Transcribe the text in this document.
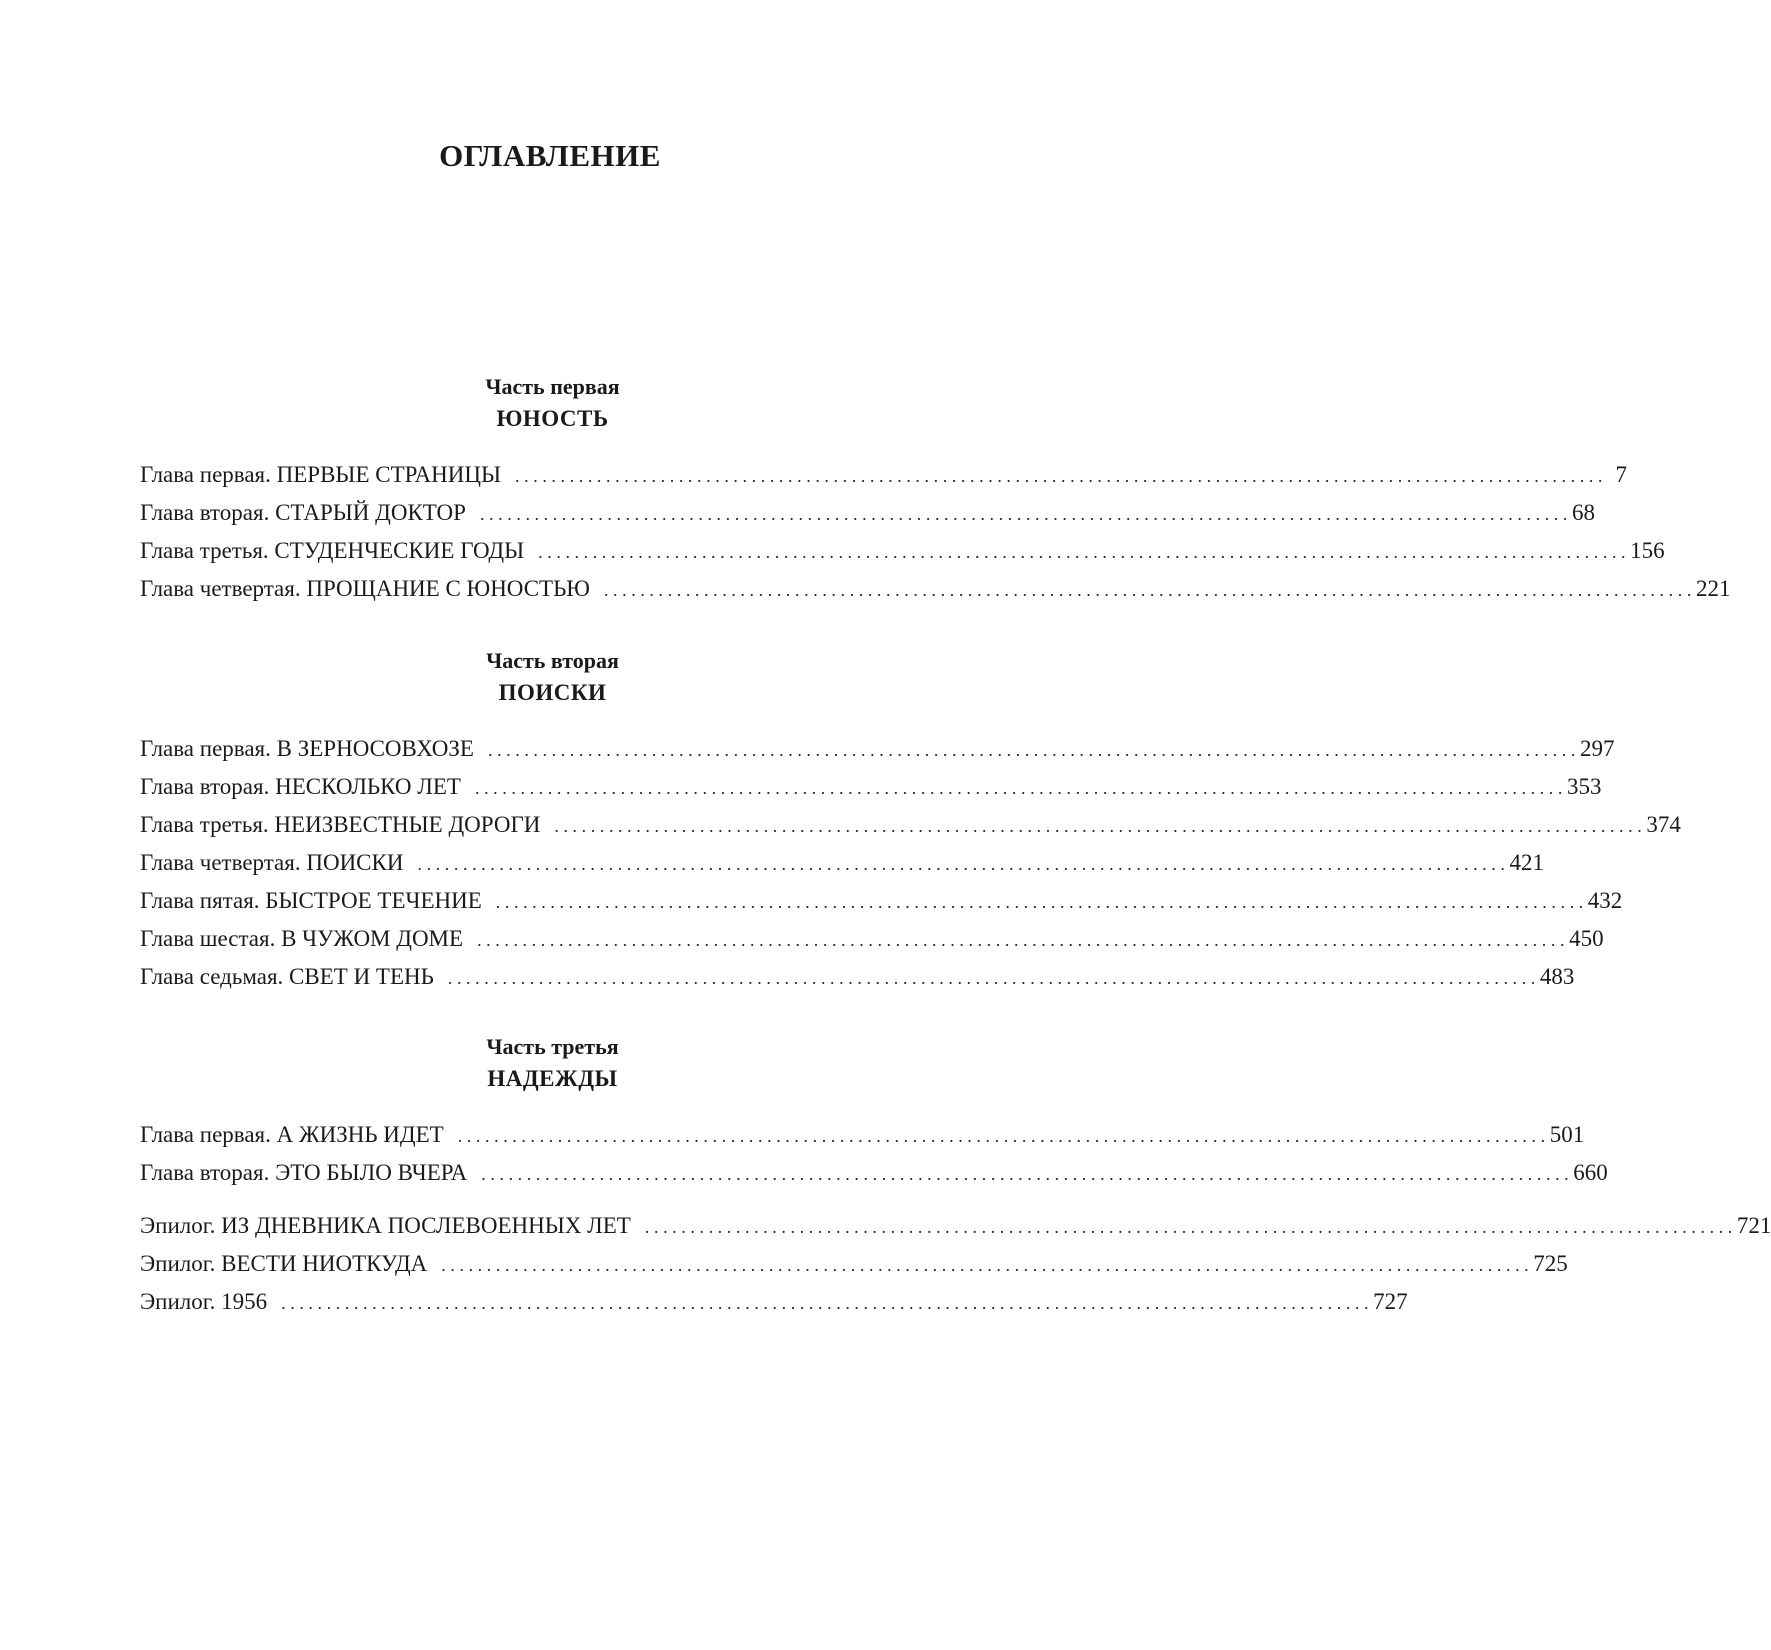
ОГЛАВЛЕНИЕ
Часть первая
ЮНОСТЬ
Глава первая. ПЕРВЫЕ СТРАНИЦЫ ........................................................................................................................ 7
Глава вторая. СТАРЫЙ ДОКТОР ........................................................................................................................ 68
Глава третья. СТУДЕНЧЕСКИЕ ГОДЫ ........................................................................................................................ 156
Глава четвертая. ПРОЩАНИЕ С ЮНОСТЬЮ ........................................................................................................................ 221
Часть вторая
ПОИСКИ
Глава первая. В ЗЕРНОСОВХОЗЕ ........................................................................................................................ 297
Глава вторая. НЕСКОЛЬКО ЛЕТ ........................................................................................................................ 353
Глава третья. НЕИЗВЕСТНЫЕ ДОРОГИ ........................................................................................................................ 374
Глава четвертая. ПОИСКИ ........................................................................................................................ 421
Глава пятая. БЫСТРОЕ ТЕЧЕНИЕ ........................................................................................................................ 432
Глава шестая. В ЧУЖОМ ДОМЕ ........................................................................................................................ 450
Глава седьмая. СВЕТ И ТЕНЬ ........................................................................................................................ 483
Часть третья
НАДЕЖДЫ
Глава первая. А ЖИЗНЬ ИДЕТ ........................................................................................................................ 501
Глава вторая. ЭТО БЫЛО ВЧЕРА ........................................................................................................................ 660
Эпилог. ИЗ ДНЕВНИКА ПОСЛЕВОЕННЫХ ЛЕТ ........................................................................................................................ 721
Эпилог. ВЕСТИ НИОТКУДА ........................................................................................................................ 725
Эпилог. 1956 ........................................................................................................................ 727
